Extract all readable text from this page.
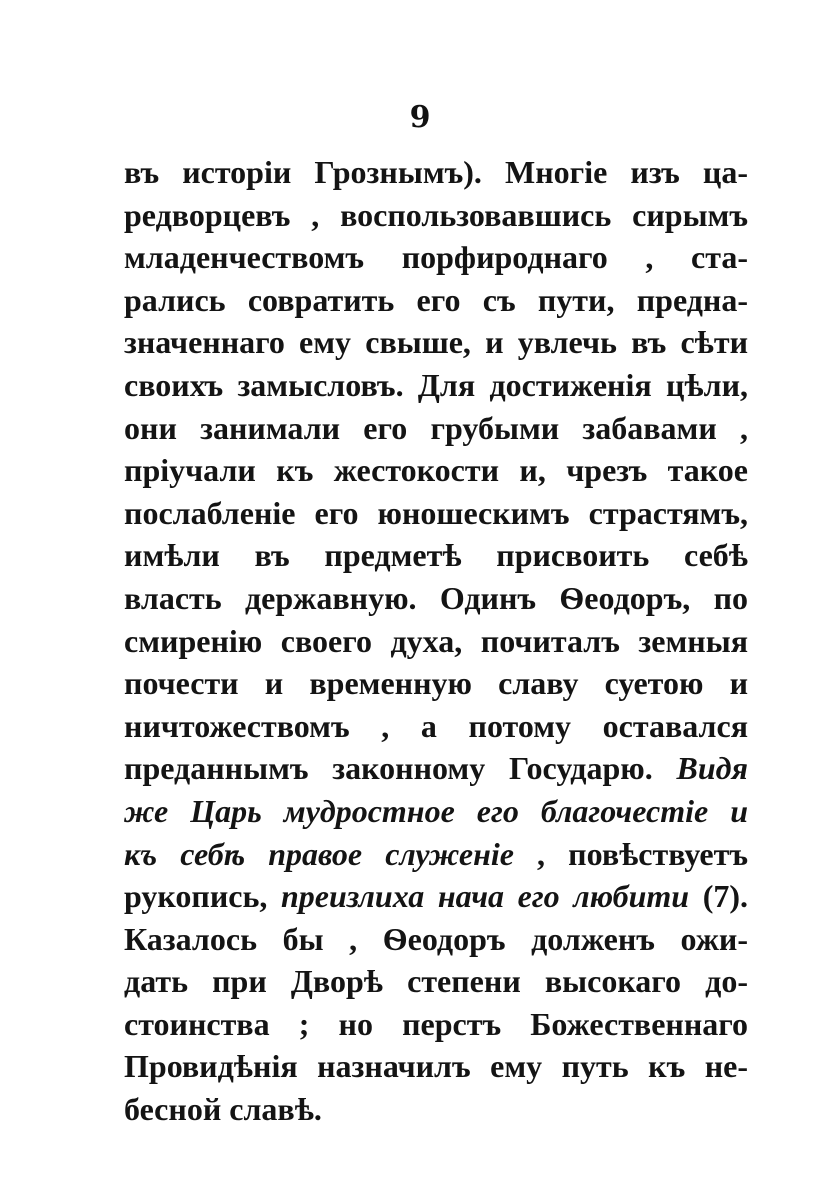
9
въ исторіи Грознымъ). Многіе изъ ца-
редворцевъ , воспользовавшись сирымъ
младенчествомъ порфироднаго , ста-
рались совратить его съ пути, предна-
значеннаго ему свыше, и увлечь въ сѣти
своихъ замысловъ. Для достиженія цѣли,
они занимали его грубыми забавами ,
пріучали къ жестокости и, чрезъ такое
послабленіе его юношескимъ страстямъ,
имѣли въ предметѣ присвоить себѣ
власть державную. Одинъ Ѳеодоръ, по
смиренію своего духа, почиталъ земныя
почести и временную славу суетою и
ничтожествомъ , а потому оставался
преданнымъ законному Государю. Видя
же Царь мудростное его благочестіе и
къ себѣ правое служеніе , повѣствуетъ
рукопись, преизлиха нача его любити (7).
Казалось бы , Ѳеодоръ долженъ ожи-
дать при Дворѣ степени высокаго до-
стоинства ; но перстъ Божественнаго
Провидѣнія назначилъ ему путь къ не-
бесной славѣ.
